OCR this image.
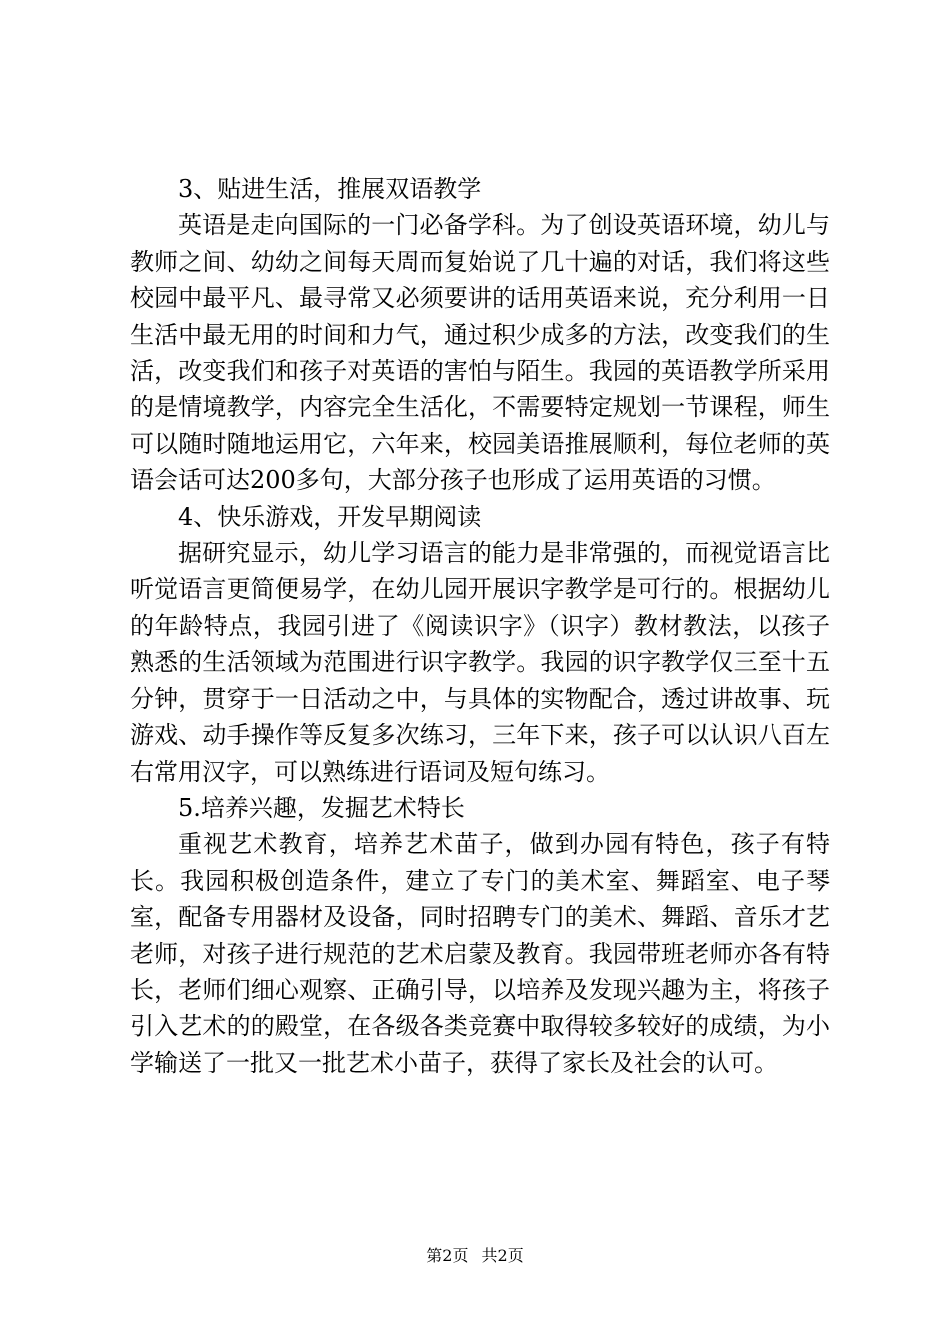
3、贴进生活，推展双语教学

英语是走向国际的一门必备学科。为了创设英语环境，幼儿与教师之间、幼幼之间每天周而复始说了几十遍的对话，我们将这些校园中最平凡、最寻常又必须要讲的话用英语来说，充分利用一日生活中最无用的时间和力气，通过积少成多的方法，改变我们的生活，改变我们和孩子对英语的害怕与陌生。我园的英语教学所采用的是情境教学，内容完全生活化，不需要特定规划一节课程，师生可以随时随地运用它，六年来，校园美语推展顺利，每位老师的英语会话可达200多句，大部分孩子也形成了运用英语的习惯。

4、快乐游戏，开发早期阅读

据研究显示，幼儿学习语言的能力是非常强的，而视觉语言比听觉语言更简便易学，在幼儿园开展识字教学是可行的。根据幼儿的年龄特点，我园引进了《阅读识字》（识字）教材教法，以孩子熟悉的生活领域为范围进行识字教学。我园的识字教学仅三至十五分钟，贯穿于一日活动之中，与具体的实物配合，透过讲故事、玩游戏、动手操作等反复多次练习，三年下来，孩子可以认识八百左右常用汉字，可以熟练进行语词及短句练习。

5.培养兴趣，发掘艺术特长

重视艺术教育，培养艺术苗子，做到办园有特色，孩子有特长。我园积极创造条件，建立了专门的美术室、舞蹈室、电子琴室，配备专用器材及设备，同时招聘专门的美术、舞蹈、音乐才艺老师，对孩子进行规范的艺术启蒙及教育。我园带班老师亦各有特长，老师们细心观察、正确引导，以培养及发现兴趣为主，将孩子引入艺术的的殿堂，在各级各类竞赛中取得较多较好的成绩，为小学输送了一批又一批艺术小苗子，获得了家长及社会的认可。

第2页 共2页
